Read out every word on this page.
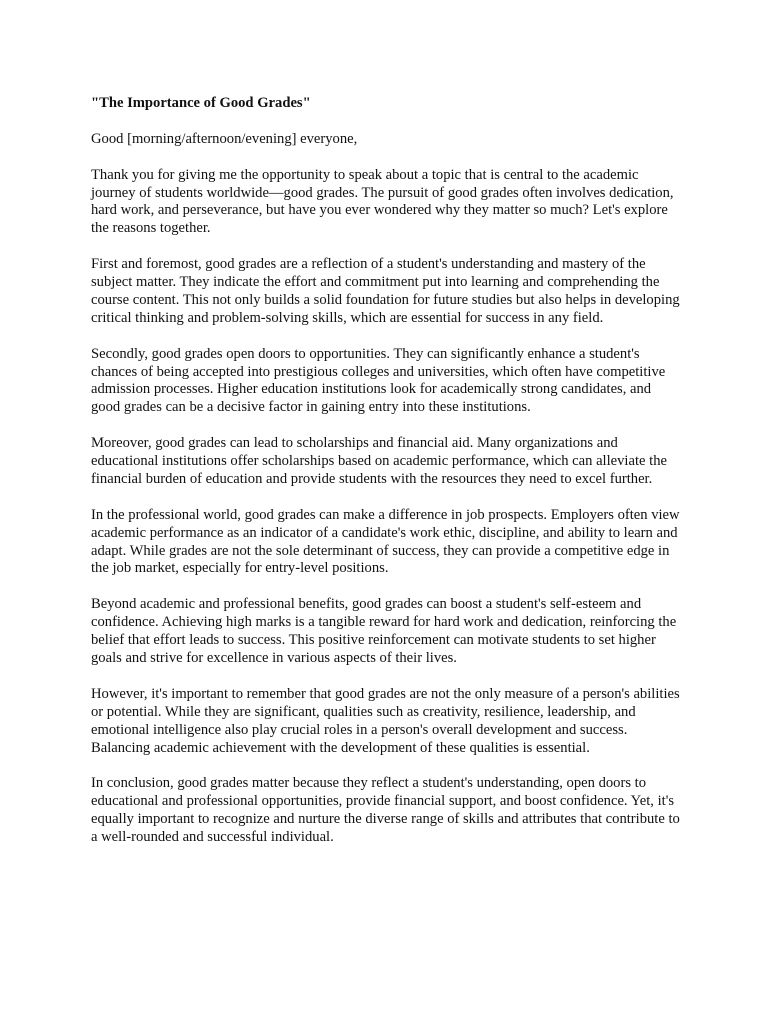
"The Importance of Good Grades"

Good [morning/afternoon/evening] everyone,

Thank you for giving me the opportunity to speak about a topic that is central to the academic journey of students worldwide—good grades. The pursuit of good grades often involves dedication, hard work, and perseverance, but have you ever wondered why they matter so much? Let's explore the reasons together.

First and foremost, good grades are a reflection of a student's understanding and mastery of the subject matter. They indicate the effort and commitment put into learning and comprehending the course content. This not only builds a solid foundation for future studies but also helps in developing critical thinking and problem-solving skills, which are essential for success in any field.

Secondly, good grades open doors to opportunities. They can significantly enhance a student's chances of being accepted into prestigious colleges and universities, which often have competitive admission processes. Higher education institutions look for academically strong candidates, and good grades can be a decisive factor in gaining entry into these institutions.

Moreover, good grades can lead to scholarships and financial aid. Many organizations and educational institutions offer scholarships based on academic performance, which can alleviate the financial burden of education and provide students with the resources they need to excel further.

In the professional world, good grades can make a difference in job prospects. Employers often view academic performance as an indicator of a candidate's work ethic, discipline, and ability to learn and adapt. While grades are not the sole determinant of success, they can provide a competitive edge in the job market, especially for entry-level positions.

Beyond academic and professional benefits, good grades can boost a student's self-esteem and confidence. Achieving high marks is a tangible reward for hard work and dedication, reinforcing the belief that effort leads to success. This positive reinforcement can motivate students to set higher goals and strive for excellence in various aspects of their lives.

However, it's important to remember that good grades are not the only measure of a person's abilities or potential. While they are significant, qualities such as creativity, resilience, leadership, and emotional intelligence also play crucial roles in a person's overall development and success. Balancing academic achievement with the development of these qualities is essential.

In conclusion, good grades matter because they reflect a student's understanding, open doors to educational and professional opportunities, provide financial support, and boost confidence. Yet, it's equally important to recognize and nurture the diverse range of skills and attributes that contribute to a well-rounded and successful individual.
